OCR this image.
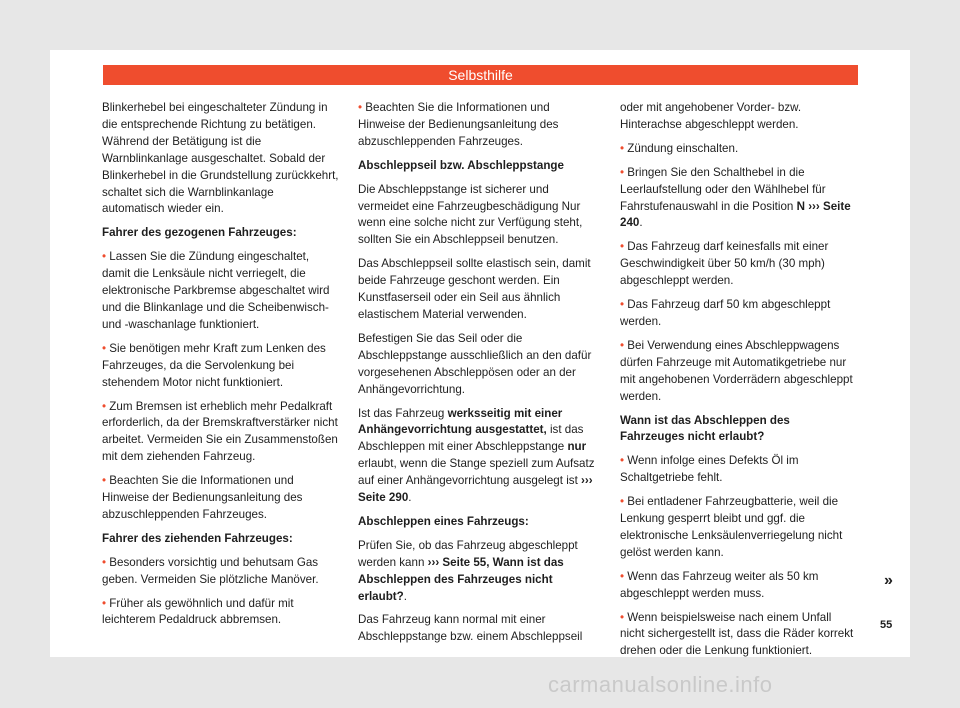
Selbsthilfe

Blinkerhebel bei eingeschalteter Zündung in die entsprechende Richtung zu betätigen. Während der Betätigung ist die Warnblinkanlage ausgeschaltet. Sobald der Blinkerhebel in die Grundstellung zurückkehrt, schaltet sich die Warnblinkanlage automatisch wieder ein.

Fahrer des gezogenen Fahrzeuges:

• Lassen Sie die Zündung eingeschaltet, damit die Lenksäule nicht verriegelt, die elektronische Parkbremse abgeschaltet wird und die Blinkanlage und die Scheibenwisch- und -waschanlage funktioniert.

• Sie benötigen mehr Kraft zum Lenken des Fahrzeuges, da die Servolenkung bei stehendem Motor nicht funktioniert.

• Zum Bremsen ist erheblich mehr Pedalkraft erforderlich, da der Bremskraftverstärker nicht arbeitet. Vermeiden Sie ein Zusammenstoßen mit dem ziehenden Fahrzeug.

• Beachten Sie die Informationen und Hinweise der Bedienungsanleitung des abzuschleppenden Fahrzeuges.

Fahrer des ziehenden Fahrzeuges:

• Besonders vorsichtig und behutsam Gas geben. Vermeiden Sie plötzliche Manöver.

• Früher als gewöhnlich und dafür mit leichterem Pedaldruck abbremsen.

• Beachten Sie die Informationen und Hinweise der Bedienungsanleitung des abzuschleppenden Fahrzeuges.

Abschleppseil bzw. Abschleppstange

Die Abschleppstange ist sicherer und vermeidet eine Fahrzeugbeschädigung Nur wenn eine solche nicht zur Verfügung steht, sollten Sie ein Abschleppseil benutzen.

Das Abschleppseil sollte elastisch sein, damit beide Fahrzeuge geschont werden. Ein Kunstfaserseil oder ein Seil aus ähnlich elastischem Material verwenden.

Befestigen Sie das Seil oder die Abschleppstange ausschließlich an den dafür vorgesehenen Abschleppösen oder an der Anhängevorrichtung.

Ist das Fahrzeug werksseitig mit einer Anhängevorrichtung ausgestattet, ist das Abschleppen mit einer Abschleppstange nur erlaubt, wenn die Stange speziell zum Aufsatz auf einer Anhängevorrichtung ausgelegt ist ››› Seite 290.

Abschleppen eines Fahrzeugs:

Prüfen Sie, ob das Fahrzeug abgeschleppt werden kann ››› Seite 55, Wann ist das Abschleppen des Fahrzeuges nicht erlaubt?.

Das Fahrzeug kann normal mit einer Abschleppstange bzw. einem Abschleppseil

oder mit angehobener Vorder- bzw. Hinterachse abgeschleppt werden.

• Zündung einschalten.

• Bringen Sie den Schalthebel in die Leerlaufstellung oder den Wählhebel für Fahrstufenauswahl in die Position N ››› Seite 240.

• Das Fahrzeug darf keinesfalls mit einer Geschwindigkeit über 50 km/h (30 mph) abgeschleppt werden.

• Das Fahrzeug darf 50 km abgeschleppt werden.

• Bei Verwendung eines Abschleppwagens dürfen Fahrzeuge mit Automatikgetriebe nur mit angehobenen Vorderrädern abgeschleppt werden.

Wann ist das Abschleppen des Fahrzeuges nicht erlaubt?

• Wenn infolge eines Defekts Öl im Schaltgetriebe fehlt.

• Bei entladener Fahrzeugbatterie, weil die Lenkung gesperrt bleibt und ggf. die elektronische Lenksäulenverriegelung nicht gelöst werden kann.

• Wenn das Fahrzeug weiter als 50 km abgeschleppt werden muss.

• Wenn beispielsweise nach einem Unfall nicht sichergestellt ist, dass die Räder korrekt drehen oder die Lenkung funktioniert.

»
55
carmanualsonline.info
